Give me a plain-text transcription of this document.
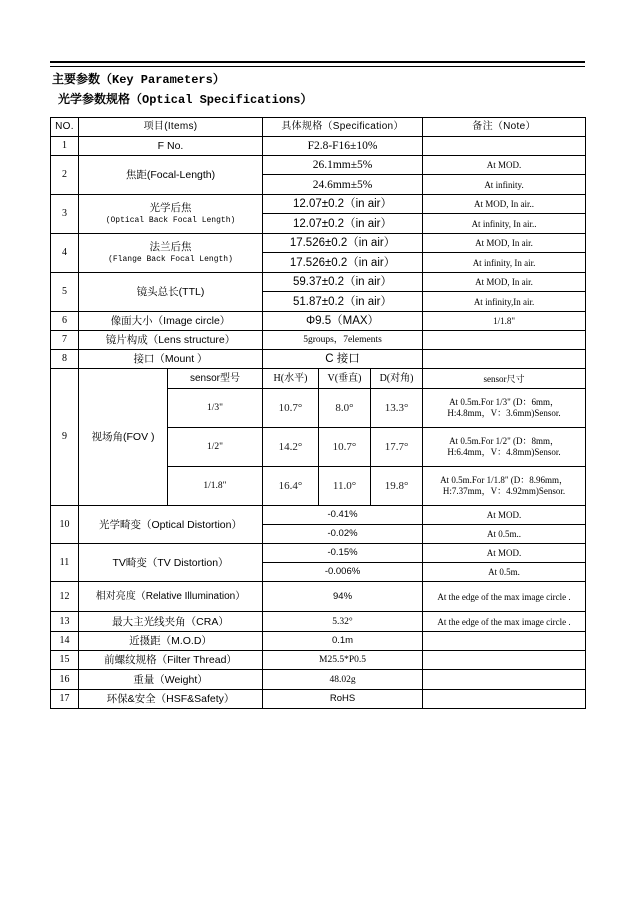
主要参数（Key Parameters）
光学参数规格（Optical Specifications）
NO.	项目(Items)		具体规格（Specification）			备注（Note）
1	F No.		F2.8-F16±10%			
2	焦距(Focal-Length)		26.1mm±5%			At MOD.
			24.6mm±5%			At infinity.
3	光学后焦
(Optical Back Focal Length)		12.07±0.2（in air）			At MOD, In air..
			12.07±0.2（in air）			At infinity, In air..
4	法兰后焦
(Flange Back Focal Length)		17.526±0.2（in air）			At MOD, In air.
			17.526±0.2（in air）			At infinity, In air.
5	镜头总长(TTL)		59.37±0.2（in air）			At MOD, In air.
			51.87±0.2（in air）			At infinity,In air.
6	像面大小（Image circle）		Φ9.5（MAX）			1/1.8"
7	镜片构成（Lens structure）		5groups，7elements			
8	接口（Mount ）		C 接口			
9	视场角(FOV )	sensor型号	H(水平)	V(垂直)	D(对角)	sensor尺寸
		1/3"	10.7°	8.0°	13.3°	At 0.5m.For 1/3" (D：6mm，
H:4.8mm，V：3.6mm)Sensor.

		1/2"	14.2°	10.7°	17.7°	At 0.5m.For 1/2" (D：8mm，
H:6.4mm，V：4.8mm)Sensor.

		1/1.8"	16.4°	11.0°	19.8°	At 0.5m.For 1/1.8" (D：8.96mm，
H:7.37mm，V：4.92mm)Sensor.

10	光学畸变（Optical Distortion）		-0.41%			At MOD.
			-0.02%			At 0.5m..
11	TV畸变（TV Distortion）		-0.15%			At MOD.
			-0.006%			At 0.5m.
12	相对亮度（Relative Illumination）		94%			At the edge of the max image circle .
13	最大主光线夹角（CRA）		5.32°			At the edge of the max image circle .
14	近摄距（M.O.D）		0.1m			
15	前螺纹规格（Filter Thread）		M25.5*P0.5			
16	重量（Weight）		48.02g			
17	环保&安全（HSF&Safety）		RoHS			
